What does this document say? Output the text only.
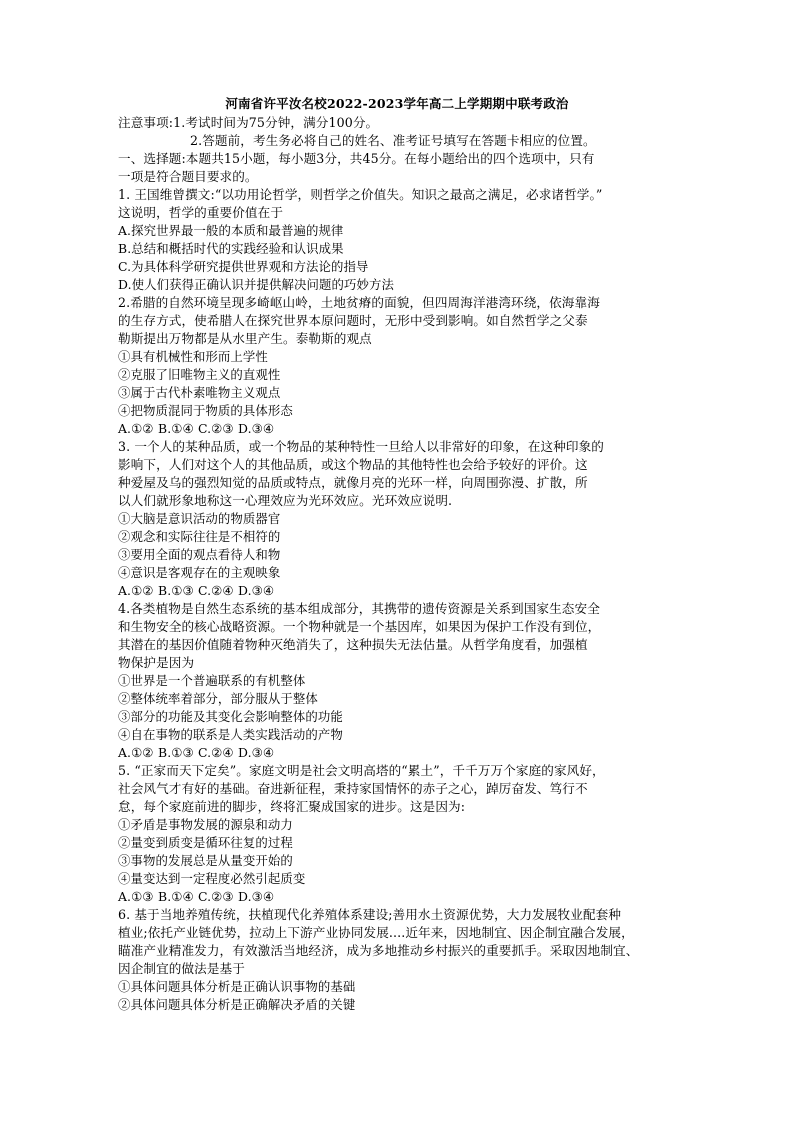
河南省许平汝名校2022-2023学年高二上学期期中联考政治
注意事项:1.考试时间为75分钟，满分100分。
2.答题前，考生务必将自己的姓名、准考证号填写在答题卡相应的位置。
一、选择题:本题共15小题，每小题3分，共45分。在每小题给出的四个选项中，只有
一项是符合题目要求的。
1. 王国维曾撰文:“以功用论哲学，则哲学之价值失。知识之最高之满足，必求诸哲学。”
这说明，哲学的重要价值在于
A.探究世界最一般的本质和最普遍的规律
B.总结和概括时代的实践经验和认识成果
C.为具体科学研究提供世界观和方法论的指导
D.使人们获得正确认识并提供解决问题的巧妙方法
2.希腊的自然环境呈现多崎岖山岭，土地贫瘠的面貌，但四周海洋港湾环绕，依海靠海
的生存方式，使希腊人在探究世界本原问题时，无形中受到影响。如自然哲学之父泰
勒斯提出万物都是从水里产生。泰勒斯的观点
①具有机械性和形而上学性
②克服了旧唯物主义的直观性
③属于古代朴素唯物主义观点
④把物质混同于物质的具体形态
A.①② B.①④ C.②③ D.③④
3. 一个人的某种品质，或一个物品的某种特性一旦给人以非常好的印象，在这种印象的
影响下，人们对这个人的其他品质，或这个物品的其他特性也会给予较好的评价。这
种爱屋及乌的强烈知觉的品质或特点，就像月亮的光环一样，向周围弥漫、扩散，所
以人们就形象地称这一心理效应为光环效应。光环效应说明.
①大脑是意识活动的物质器官
②观念和实际往往是不相符的
③要用全面的观点看待人和物
④意识是客观存在的主观映象
A.①② B.①③ C.②④ D.③④
4.各类植物是自然生态系统的基本组成部分，其携带的遗传资源是关系到国家生态安全
和生物安全的核心战略资源。一个物种就是一个基因库，如果因为保护工作没有到位，
其潜在的基因价值随着物种灭绝消失了，这种损失无法估量。从哲学角度看，加强植
物保护是因为
①世界是一个普遍联系的有机整体
②整体统率着部分，部分服从于整体
③部分的功能及其变化会影响整体的功能
④自在事物的联系是人类实践活动的产物
A.①② B.①③ C.②④ D.③④
5. “正家而天下定矣”。家庭文明是社会文明高塔的“累土”，千千万万个家庭的家风好，
社会风气才有好的基础。奋进新征程，秉持家国情怀的赤子之心，踔厉奋发、笃行不
怠，每个家庭前进的脚步，终将汇聚成国家的进步。这是因为:
①矛盾是事物发展的源泉和动力
②量变到质变是循环往复的过程
③事物的发展总是从量变开始的
④量变达到一定程度必然引起质变
A.①③ B.①④ C.②③ D.③④
6. 基于当地养殖传统，扶植现代化养殖体系建设;善用水土资源优势，大力发展牧业配套种
植业;依托产业链优势，拉动上下游产业协同发展....近年来，因地制宜、因企制宜融合发展，
瞄准产业精准发力，有效激活当地经济，成为多地推动乡村振兴的重要抓手。采取因地制宜、
因企制宜的做法是基于
①具体问题具体分析是正确认识事物的基础
②具体问题具体分析是正确解决矛盾的关键
